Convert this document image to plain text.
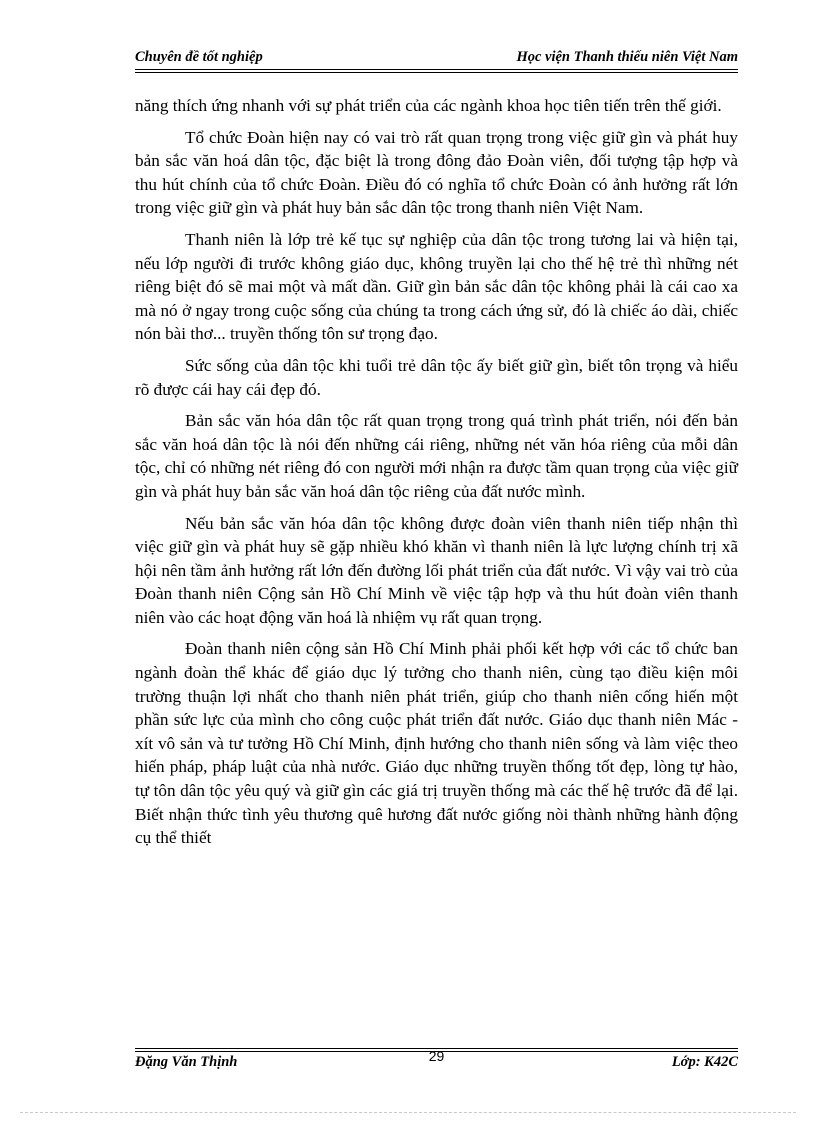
Chuyên đề tốt nghiệp	Học viện Thanh thiếu niên Việt Nam

năng thích ứng nhanh với sự phát triển của các ngành khoa học tiên tiến trên thế giới.

Tổ chức Đoàn hiện nay có vai trò rất quan trọng trong việc giữ gìn và phát huy bản sắc văn hoá dân tộc, đặc biệt là trong đông đảo Đoàn viên, đối tượng tập hợp và thu hút chính của tổ chức Đoàn. Điều đó có nghĩa tổ chức Đoàn có ảnh hưởng rất lớn trong việc giữ gìn và phát huy bản sắc dân tộc trong thanh niên Việt Nam.

Thanh niên là lớp trẻ kế tục sự nghiệp của dân tộc trong tương lai và hiện tại, nếu lớp người đi trước không giáo dục, không truyền lại cho thế hệ trẻ thì những nét riêng biệt đó sẽ mai một và mất dần. Giữ gìn bản sắc dân tộc không phải là cái cao xa mà nó ở ngay trong cuộc sống của chúng ta trong cách ứng sử, đó là chiếc áo dài, chiếc nón bài thơ... truyền thống tôn sư trọng đạo.

Sức sống của dân tộc khi tuổi trẻ dân tộc ấy biết giữ gìn, biết tôn trọng và hiểu rõ được cái hay cái đẹp đó.

Bản sắc văn hóa dân tộc rất quan trọng trong quá trình phát triển, nói đến bản sắc văn hoá dân tộc là nói đến những cái riêng, những nét văn hóa riêng của mỗi dân tộc, chỉ có những nét riêng đó con người mới nhận ra được tầm quan trọng của việc giữ gìn và phát huy bản sắc văn hoá dân tộc riêng của đất nước mình.

Nếu bản sắc văn hóa dân tộc không được đoàn viên thanh niên tiếp nhận thì việc giữ gìn và phát huy sẽ gặp nhiều khó khăn vì thanh niên là lực lượng chính trị xã hội nên tầm ảnh hưởng rất lớn đến đường lối phát triển của đất nước. Vì vậy vai trò của Đoàn thanh niên Cộng sản Hồ Chí Minh về việc tập hợp và thu hút đoàn viên thanh niên vào các hoạt động văn hoá là nhiệm vụ rất quan trọng.

Đoàn thanh niên cộng sản Hồ Chí Minh phải phối kết hợp với các tổ chức ban ngành đoàn thể khác để giáo dục lý tưởng cho thanh niên, cùng tạo điều kiện môi trường thuận lợi nhất cho thanh niên phát triển, giúp cho thanh niên cống hiến một phần sức lực của mình cho công cuộc phát triển đất nước. Giáo dục thanh niên Mác - xít vô sản và tư tưởng Hồ Chí Minh, định hướng cho thanh niên sống và làm việc theo hiến pháp, pháp luật của nhà nước. Giáo dục những truyền thống tốt đẹp, lòng tự hào, tự tôn dân tộc yêu quý và giữ gìn các giá trị truyền thống mà các thế hệ trước đã để lại. Biết nhận thức tình yêu thương quê hương đất nước giống nòi thành những hành động cụ thể thiết

Đặng Văn Thịnh	29	Lớp: K42C
